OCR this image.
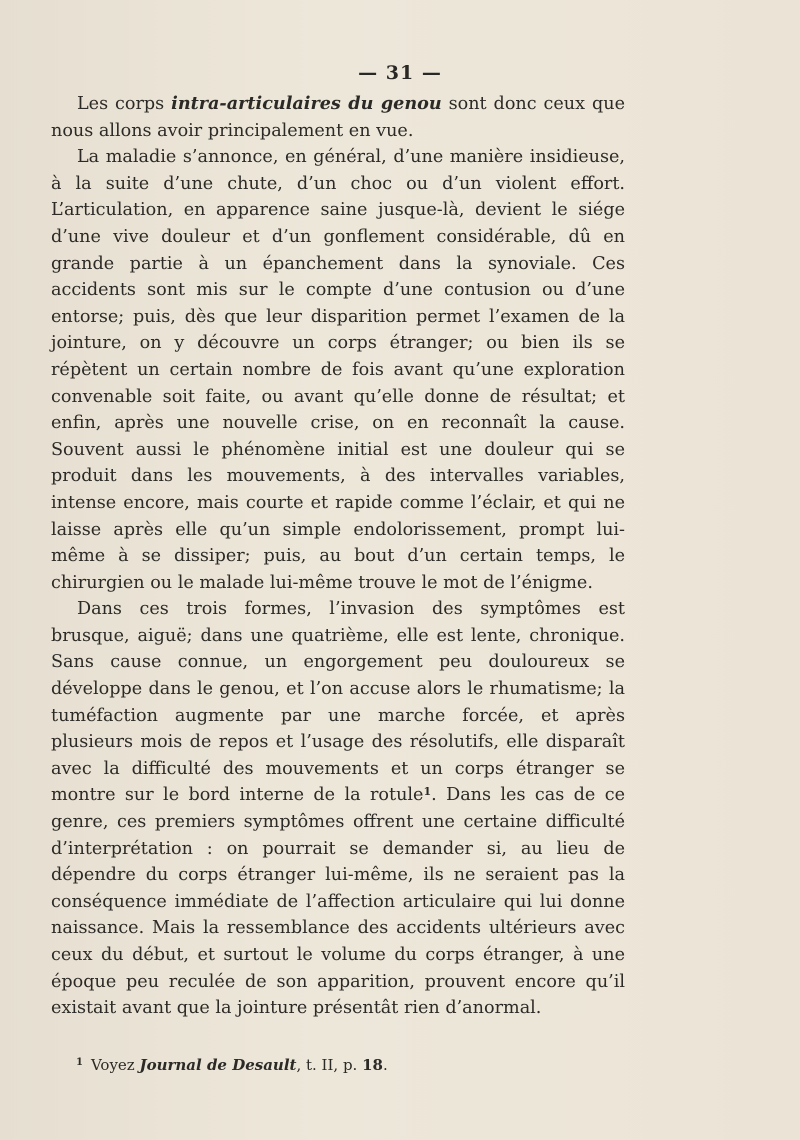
— 31 —

Les corps intra-articulaires du genou sont donc ceux que nous allons avoir principalement en vue.

La maladie s’annonce, en général, d’une manière insidieuse, à la suite d’une chute, d’un choc ou d’un violent effort. L’articulation, en apparence saine jusque-là, devient le siége d’une vive douleur et d’un gonflement considérable, dû en grande partie à un épanchement dans la synoviale. Ces accidents sont mis sur le compte d’une contusion ou d’une entorse; puis, dès que leur disparition permet l’examen de la jointure, on y découvre un corps étranger; ou bien ils se répètent un certain nombre de fois avant qu’une exploration convenable soit faite, ou avant qu’elle donne de résultat; et enfin, après une nouvelle crise, on en reconnaît la cause. Souvent aussi le phénomène initial est une douleur qui se produit dans les mouvements, à des intervalles variables, intense encore, mais courte et rapide comme l’éclair, et qui ne laisse après elle qu’un simple endolorissement, prompt lui-même à se dissiper; puis, au bout d’un certain temps, le chirurgien ou le malade lui-même trouve le mot de l’énigme.

Dans ces trois formes, l’invasion des symptômes est brusque, aiguë; dans une quatrième, elle est lente, chronique. Sans cause connue, un engorgement peu douloureux se développe dans le genou, et l’on accuse alors le rhumatisme; la tuméfaction augmente par une marche forcée, et après plusieurs mois de repos et l’usage des résolutifs, elle disparaît avec la difficulté des mouvements et un corps étranger se montre sur le bord interne de la rotule$^1$. Dans les cas de ce genre, ces premiers symptômes offrent une certaine difficulté d’interprétation : on pourrait se demander si, au lieu de dépendre du corps étranger lui-même, ils ne seraient pas la conséquence immédiate de l’affection articulaire qui lui donne naissance. Mais la ressemblance des accidents ultérieurs avec ceux du début, et surtout le volume du corps étranger, à une époque peu reculée de son apparition, prouvent encore qu’il existait avant que la jointure présentât rien d’anormal.

$^1$ Voyez Journal de Desault, t. II, p. 18.
